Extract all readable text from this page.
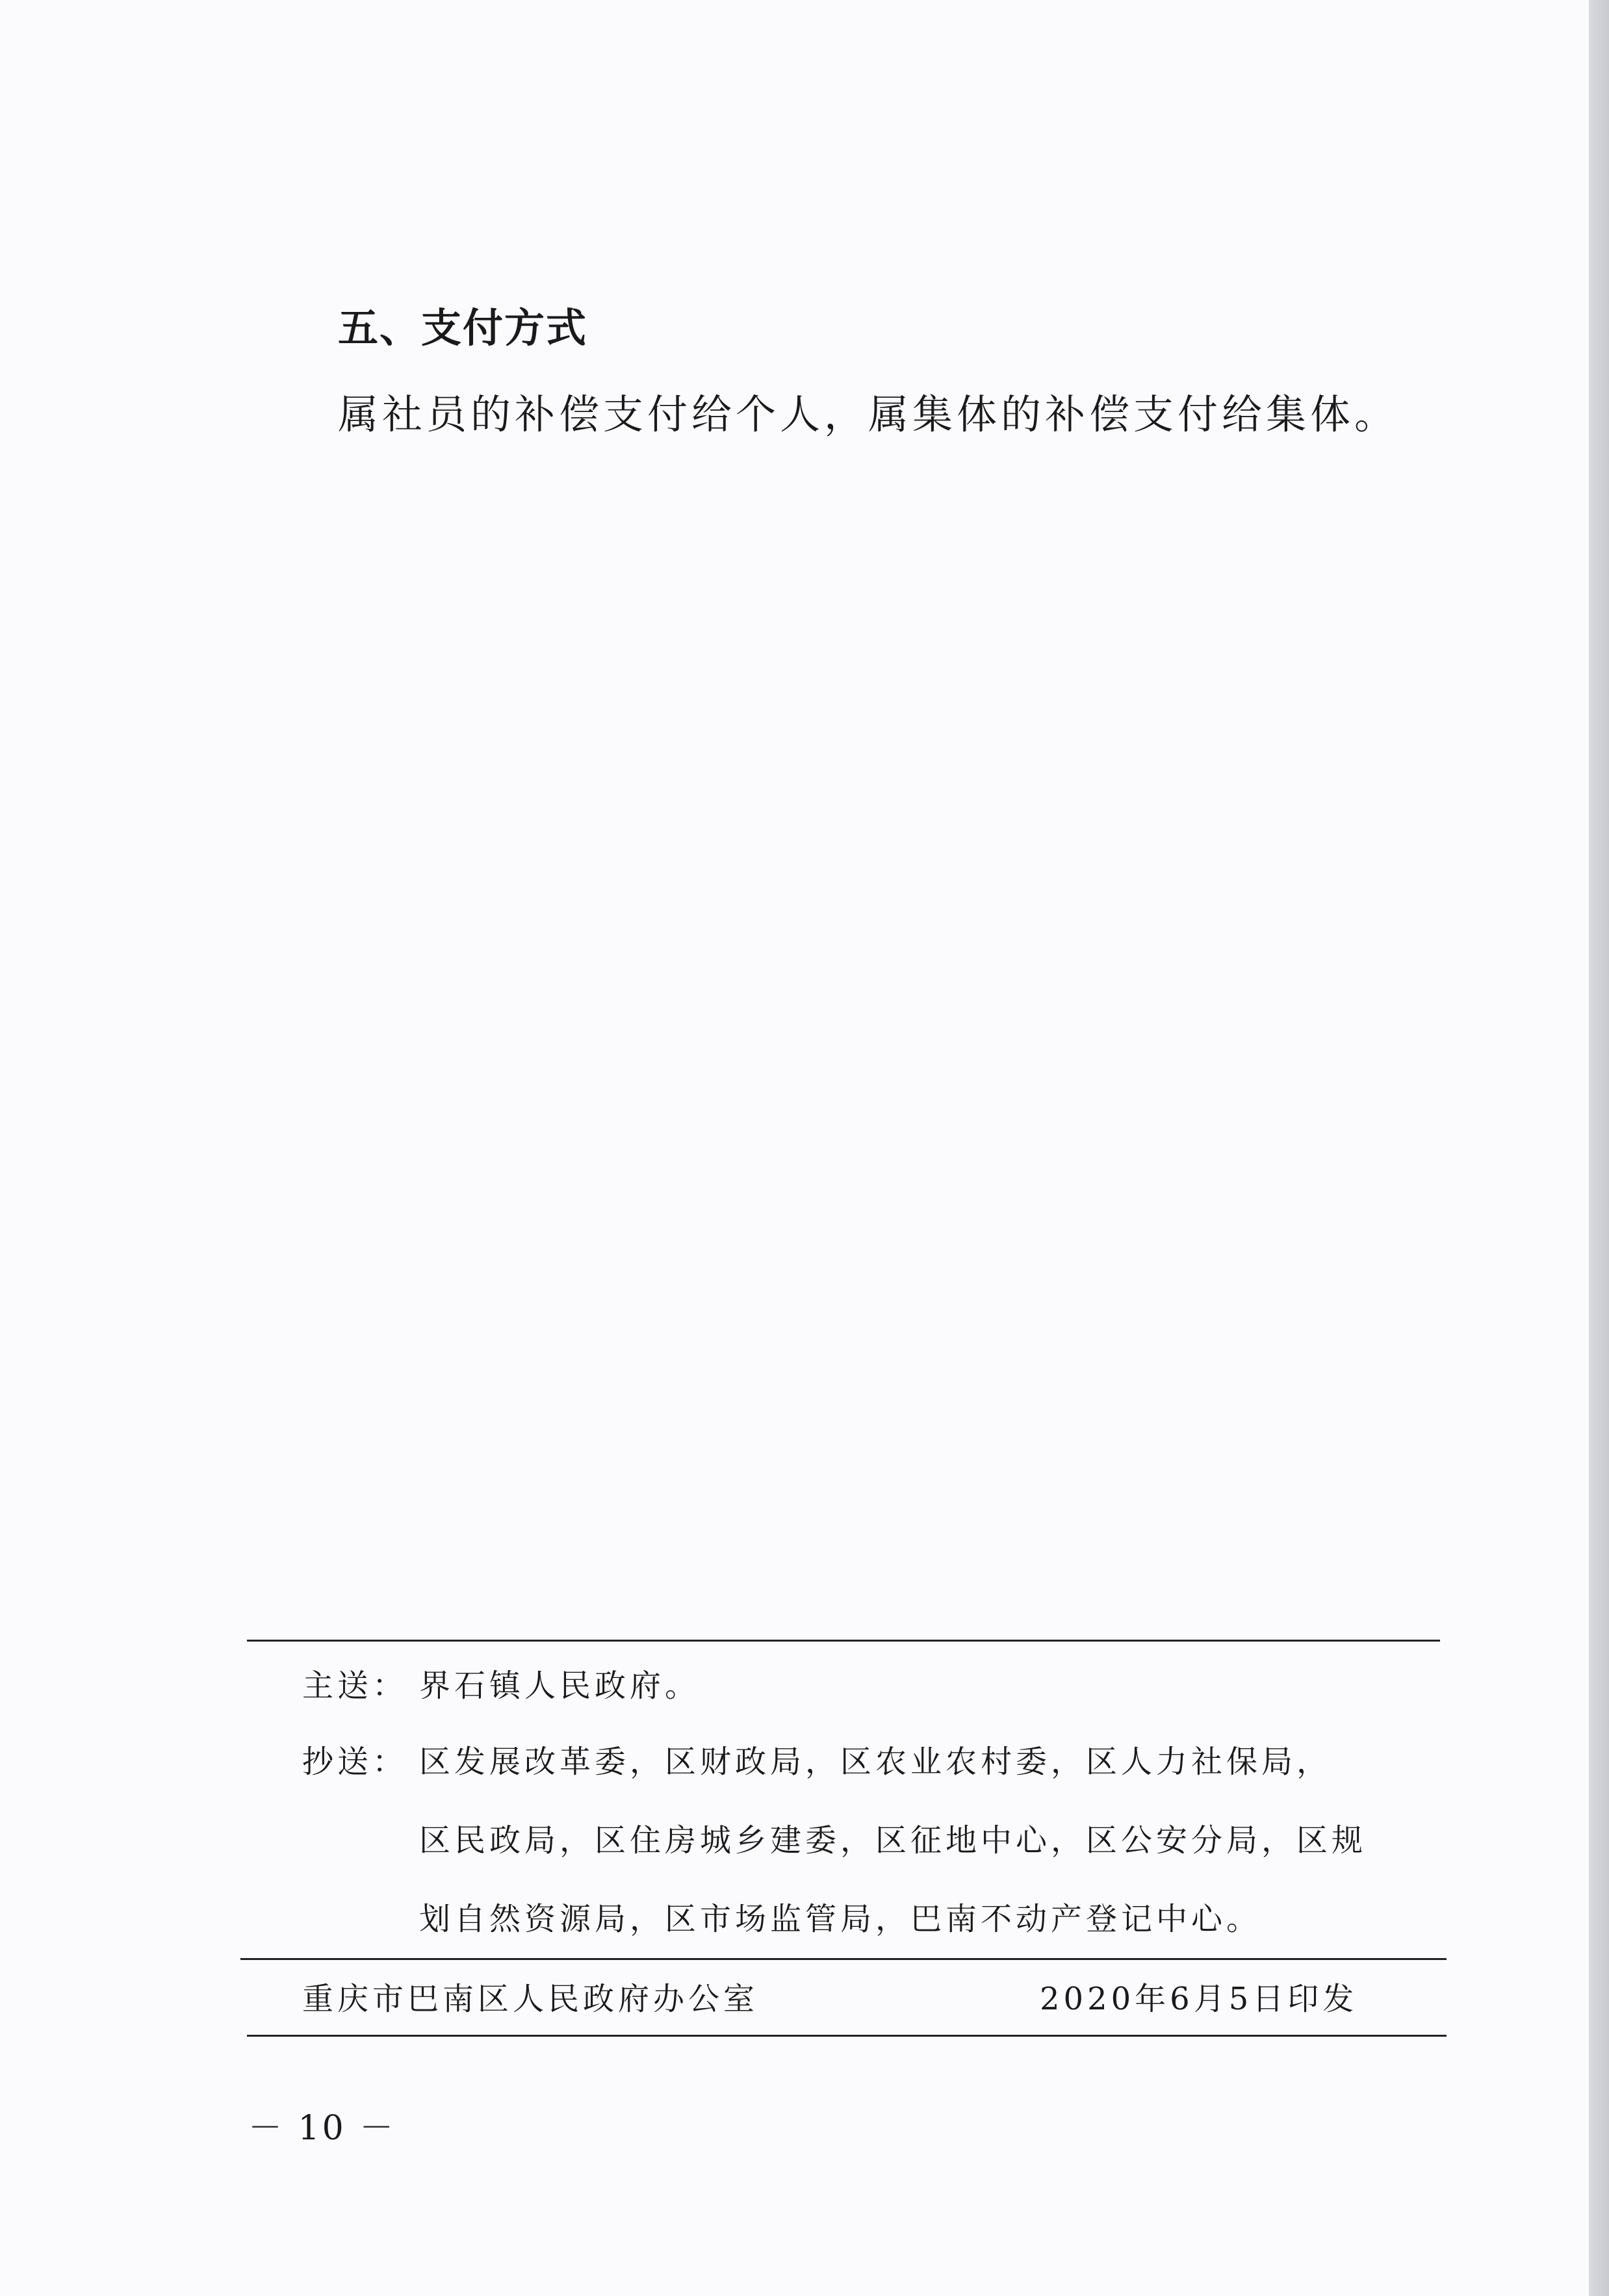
五、支付方式
属社员的补偿支付给个人，属集体的补偿支付给集体。
主送： 界石镇人民政府。
抄送： 区发展改革委，区财政局，区农业农村委，区人力社保局，
区民政局，区住房城乡建委，区征地中心，区公安分局，区规
划自然资源局，区市场监管局，巴南不动产登记中心。
重庆市巴南区人民政府办公室	2020年6月5日印发
－ 10 －
